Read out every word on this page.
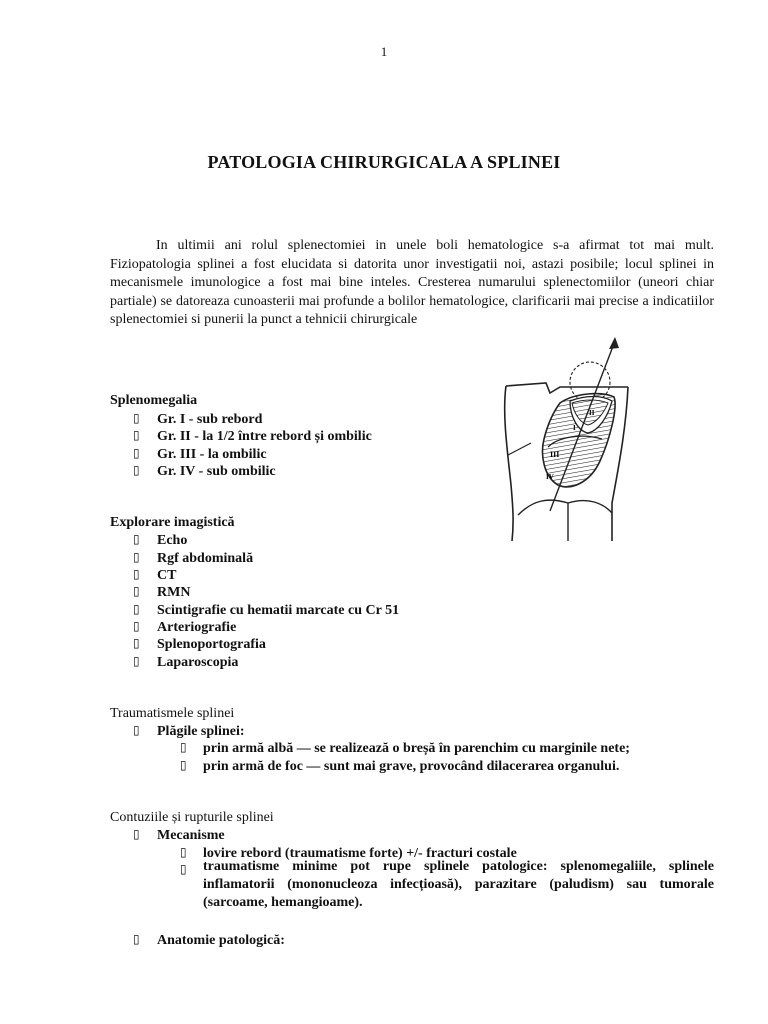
1
PATOLOGIA CHIRURGICALA A SPLINEI

In ultimii ani rolul splenectomiei in unele boli hematologice s-a afirmat tot mai mult. Fiziopatologia splinei a fost elucidata si datorita unor investigatii noi, astazi posibile; locul splinei in mecanismele imunologice a fost mai bine inteles. Cresterea numarului splenectomiilor (uneori chiar partiale) se datoreaza cunoasterii mai profunde a bolilor hematologice, clarificarii mai precise a indicatiilor splenectomiei si punerii la punct a tehnicii chirurgicale

I
II
III
IV
Splenomegalia
▯ Gr. I - sub rebord
▯ Gr. II - la 1/2 între rebord și ombilic
▯ Gr. III - la ombilic
▯ Gr. IV - sub ombilic
Explorare imagistică
▯ Echo
▯ Rgf abdominală
▯ CT
▯ RMN
▯ Scintigrafie cu hematii marcate cu Cr 51
▯ Arteriografie
▯ Splenoportografia
▯ Laparoscopia
Traumatismele splinei
▯ Plăgile splinei:
▯ prin armă albă — se realizează o breșă în parenchim cu marginile nete;
▯ prin armă de foc — sunt mai grave, provocând dilacerarea organului.
Contuziile și rupturile splinei
▯ Mecanisme
▯ lovire rebord (traumatisme forte) +/- fracturi costale
▯ traumatisme minime pot rupe splinele patologice: splenomegaliile, splinele inflamatorii (mononucleoza infecțioasă), parazitare (paludism) sau tumorale (sarcoame, hemangioame).

▯ Anatomie patologică:
